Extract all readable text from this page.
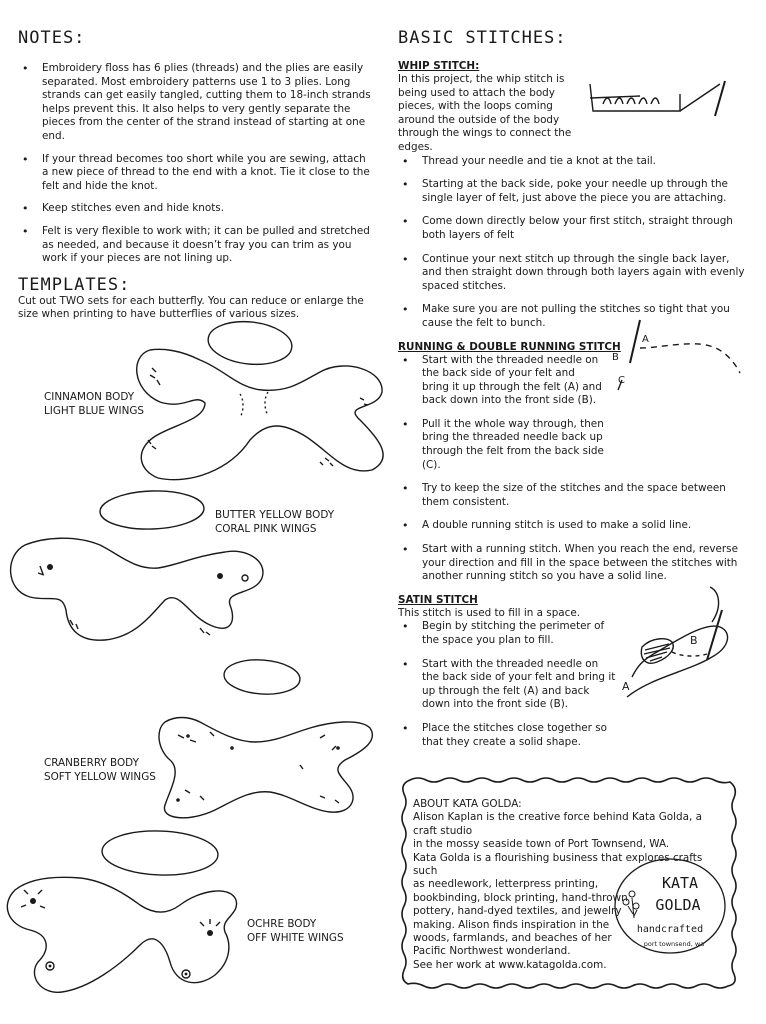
NOTES:
• Embroidery floss has 6 plies (threads) and the plies are easily separated. Most embroidery patterns use 1 to 3 plies. Long strands can get easily tangled, cutting them to 18-inch strands helps prevent this. It also helps to very gently separate the pieces from the center of the strand instead of starting at one end.
• If your thread becomes too short while you are sewing, attach a new piece of thread to the end with a knot. Tie it close to the felt and hide the knot.
• Keep stitches even and hide knots.
• Felt is very flexible to work with; it can be pulled and stretched as needed, and because it doesn’t fray you can trim as you work if your pieces are not lining up.
TEMPLATES:

Cut out TWO sets for each butterfly. You can reduce or enlarge the size when printing to have butterflies of various sizes.

CINNAMON BODY
LIGHT BLUE WINGS
BUTTER YELLOW BODY
CORAL PINK WINGS
CRANBERRY BODY
SOFT YELLOW WINGS
OCHRE BODY
OFF WHITE WINGS
BASIC STITCHES:

WHIP STITCH:

In this project, the whip stitch is being used to attach the body pieces, with the loops coming around the outside of the body through the wings to connect the edges.

• Thread your needle and tie a knot at the tail.
• Starting at the back side, poke your needle up through the single layer of felt, just above the piece you are attaching.
• Come down directly below your first stitch, straight through both layers of felt
• Continue your next stitch up through the single back layer, and then straight down through both layers again with evenly spaced stitches.
• Make sure you are not pulling the stitches so tight that you cause the felt to bunch.

RUNNING & DOUBLE RUNNING STITCH

• Start with the threaded needle on the back side of your felt and bring it up through the felt (A) and back down into the front side (B).
• Pull it the whole way through, then bring the threaded needle back up through the felt from the back side (C).
• Try to keep the size of the stitches and the space between them consistent.
• A double running stitch is used to make a solid line.
• Start with a running stitch. When you reach the end, reverse your direction and fill in the space between the stitches with another running stitch so you have a solid line.

SATIN STITCH

This stitch is used to fill in a space.

• Begin by stitching the perimeter of the space you plan to fill.
• Start with the threaded needle on the back side of your felt and bring it up through the felt (A) and back down into the front side (B).
• Place the stitches close together so that they create a solid shape.
A
B
C
B
A
ABOUT KATA GOLDA:
Alison Kaplan is the creative force behind Kata Golda, a craft studio
in the mossy seaside town of Port Townsend, WA.
Kata Golda is a flourishing business that explores crafts such
as needlework, letterpress printing,
bookbinding, block printing, hand-thrown
pottery, hand-dyed textiles, and jewelry
making. Alison finds inspiration in the
woods, farmlands, and beaches of her
Pacific Northwest wonderland.
See her work at www.katagolda.com.
KATA
GOLDA
handcrafted
port townsend, wa
